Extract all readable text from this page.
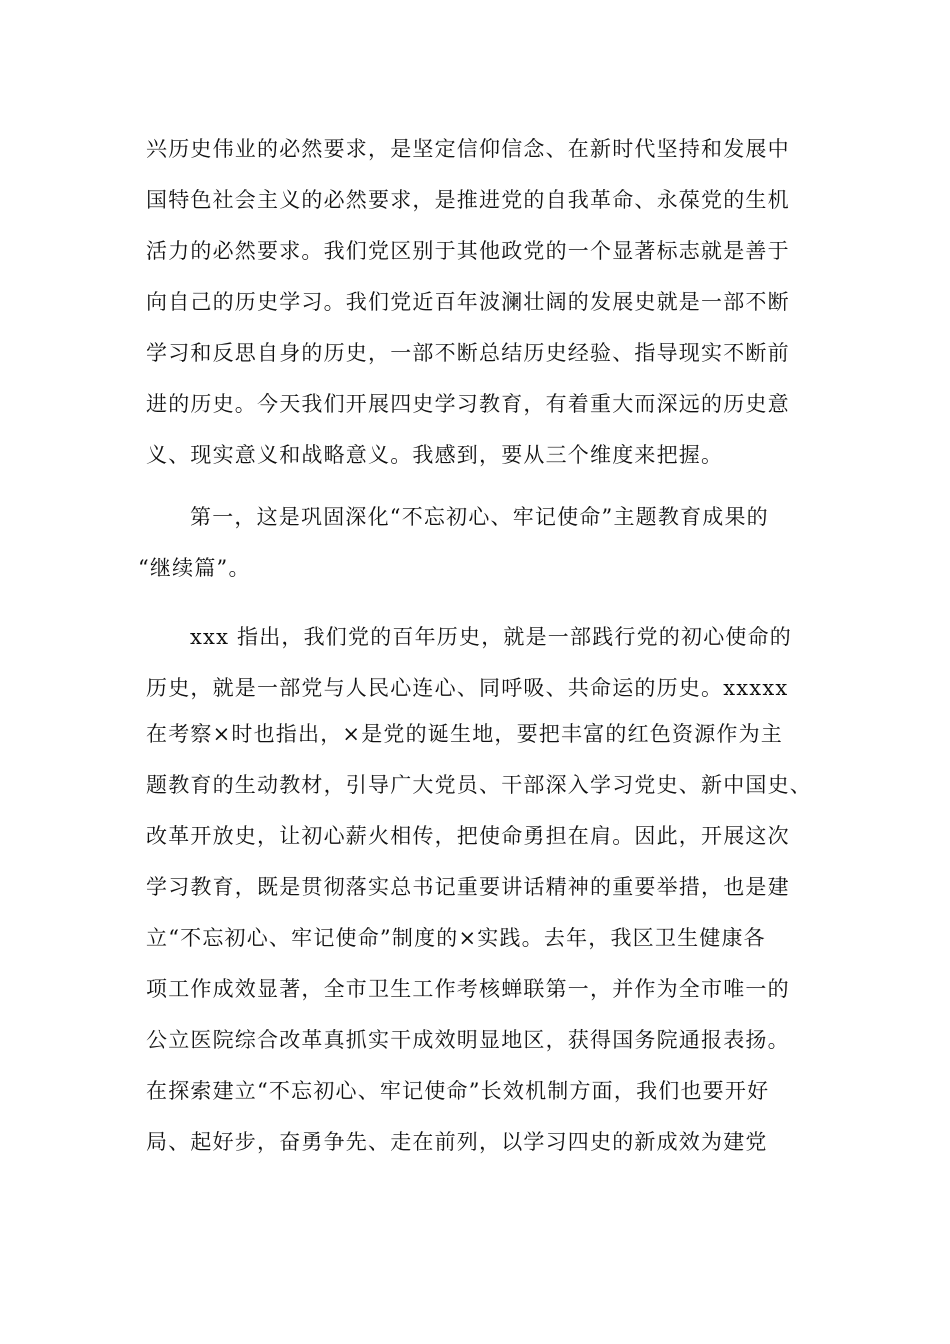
兴历史伟业的必然要求，是坚定信仰信念、在新时代坚持和发展中
国特色社会主义的必然要求，是推进党的自我革命、永葆党的生机
活力的必然要求。我们党区别于其他政党的一个显著标志就是善于
向自己的历史学习。我们党近百年波澜壮阔的发展史就是一部不断
学习和反思自身的历史，一部不断总结历史经验、指导现实不断前
进的历史。今天我们开展四史学习教育，有着重大而深远的历史意
义、现实意义和战略意义。我感到，要从三个维度来把握。
第一，这是巩固深化“不忘初心、牢记使命”主题教育成果的
“继续篇”。
xxx 指出，我们党的百年历史，就是一部践行党的初心使命的
历史，就是一部党与人民心连心、同呼吸、共命运的历史。xxxxx
在考察×时也指出，×是党的诞生地，要把丰富的红色资源作为主
题教育的生动教材，引导广大党员、干部深入学习党史、新中国史、
改革开放史，让初心薪火相传，把使命勇担在肩。因此，开展这次
学习教育，既是贯彻落实总书记重要讲话精神的重要举措，也是建
立“不忘初心、牢记使命”制度的×实践。去年，我区卫生健康各
项工作成效显著，全市卫生工作考核蝉联第一，并作为全市唯一的
公立医院综合改革真抓实干成效明显地区，获得国务院通报表扬。
在探索建立“不忘初心、牢记使命”长效机制方面，我们也要开好
局、起好步，奋勇争先、走在前列，以学习四史的新成效为建党
